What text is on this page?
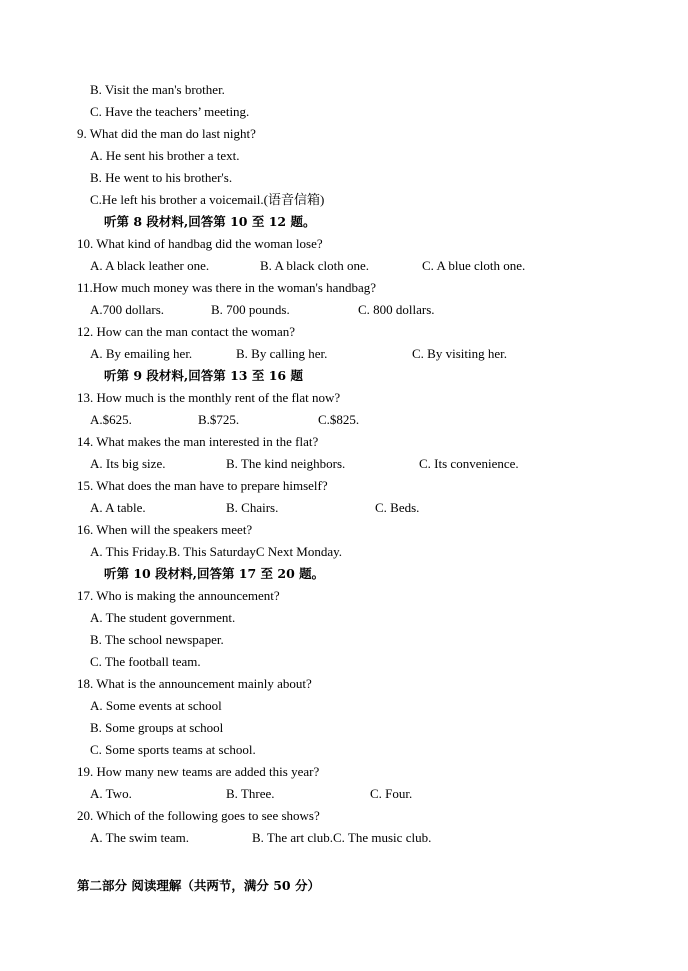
B. Visit the man's brother.
C. Have the teachers’ meeting.
9. What did the man do last night?
A. He sent his brother a text.
B. He went to his brother's.
C.He left his brother a voicemail.(语音信箱)
听第 8 段材料,回答第 10 至 12 题。
10. What kind of handbag did the woman lose?
A. A black leather one.	B. A black cloth one.	C. A blue cloth one.
11.How much money was there in the woman's handbag?
A.700 dollars.	B. 700 pounds.	C. 800 dollars.
12. How can the man contact the woman?
A. By emailing her.	B. By calling her.	C. By visiting her.
听第 9 段材料,回答第 13 至 16 题
13. How much is the monthly rent of the flat now?
A.$625.	B.$725.	C.$825.
14. What makes the man interested in the flat?
A. Its big size.	B. The kind neighbors.	C. Its convenience.
15. What does the man have to prepare himself?
A. A table.	B. Chairs.	C. Beds.
16. When will the speakers meet?
A. This Friday.B. This SaturdayC Next Monday.
听第 10 段材料,回答第 17 至 20 题。
17. Who is making the announcement?
A. The student government.
B. The school newspaper.
C. The football team.
18. What is the announcement mainly about?
A. Some events at school
B. Some groups at school
C. Some sports teams at school.
19. How many new teams are added this year?
A. Two.	B. Three.	C. Four.
20. Which of the following goes to see shows?
A. The swim team.	B. The art club.C. The music club.
第二部分 阅读理解（共两节，满分 50 分）
